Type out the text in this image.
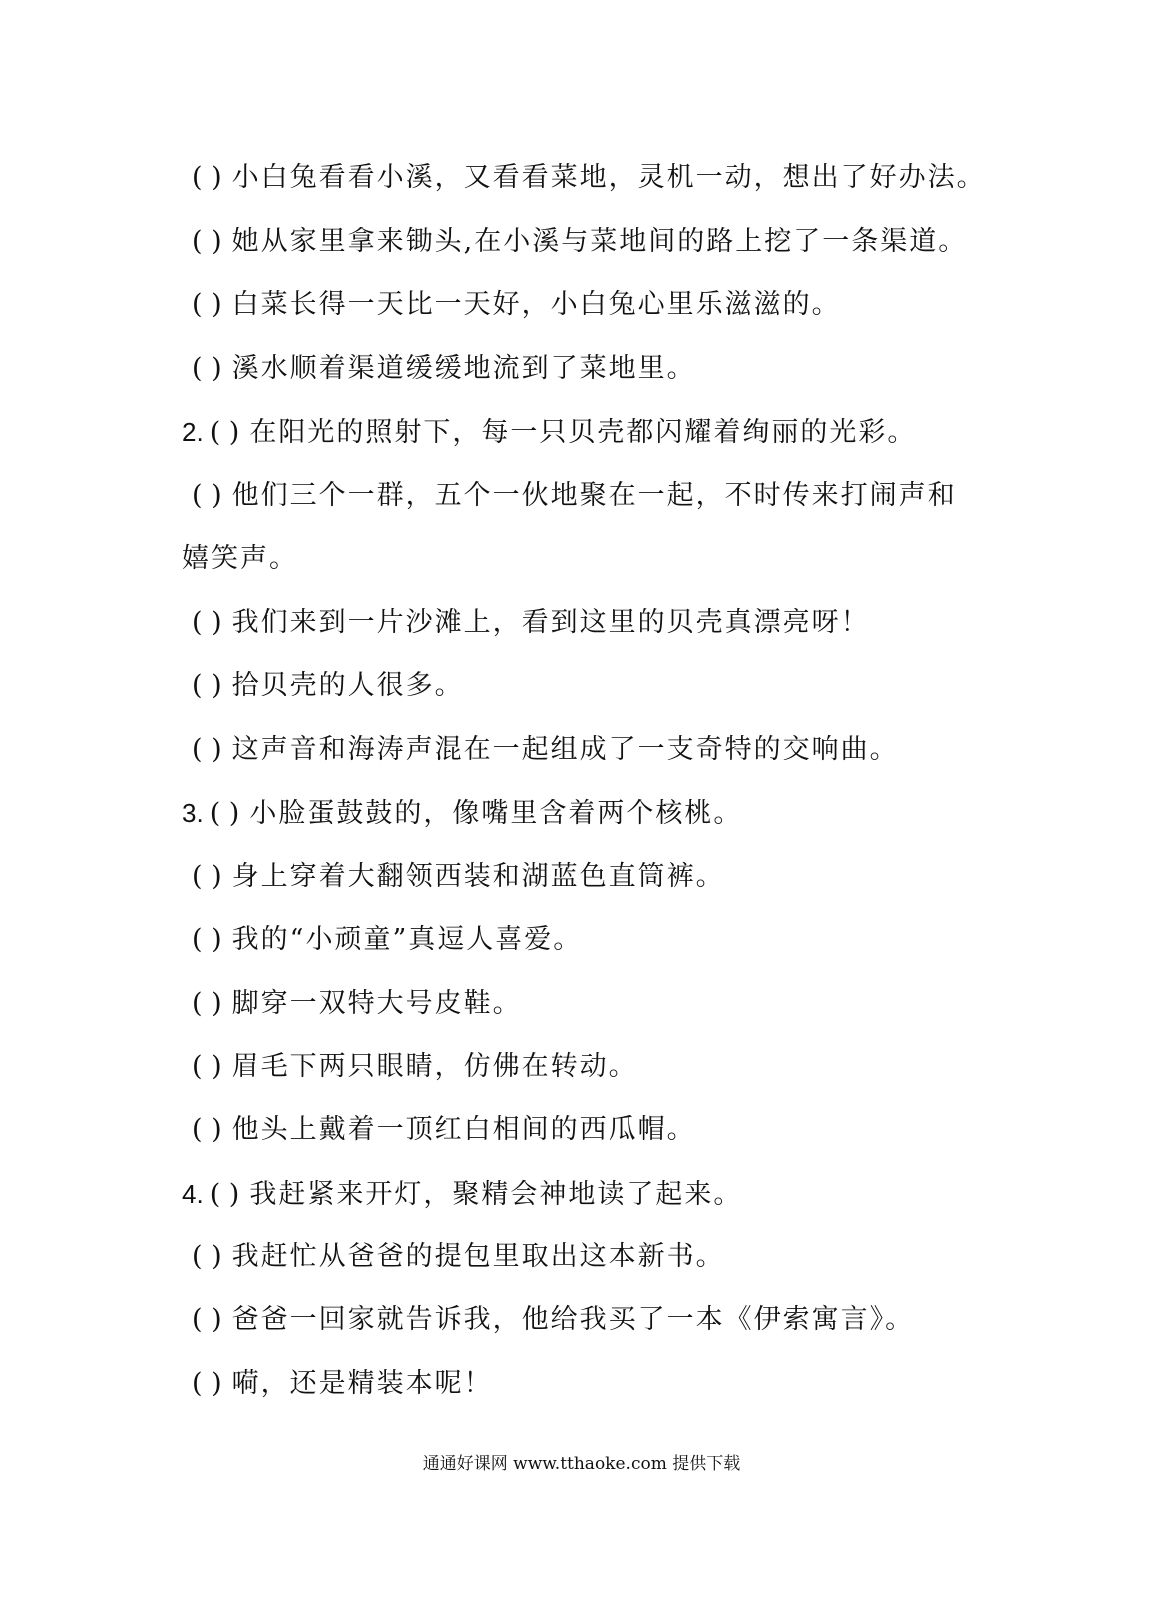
( ) 小白兔看看小溪，又看看菜地，灵机一动，想出了好办法。
( ) 她从家里拿来锄头,在小溪与菜地间的路上挖了一条渠道。
( ) 白菜长得一天比一天好，小白兔心里乐滋滋的。
( ) 溪水顺着渠道缓缓地流到了菜地里。
2. ( ) 在阳光的照射下，每一只贝壳都闪耀着绚丽的光彩。
( ) 他们三个一群，五个一伙地聚在一起，不时传来打闹声和
嬉笑声。
( ) 我们来到一片沙滩上，看到这里的贝壳真漂亮呀！
( ) 拾贝壳的人很多。
( ) 这声音和海涛声混在一起组成了一支奇特的交响曲。
3. ( ) 小脸蛋鼓鼓的，像嘴里含着两个核桃。
( ) 身上穿着大翻领西装和湖蓝色直筒裤。
( ) 我的“小顽童”真逗人喜爱。
( ) 脚穿一双特大号皮鞋。
( ) 眉毛下两只眼睛，仿佛在转动。
( ) 他头上戴着一顶红白相间的西瓜帽。
4. ( ) 我赶紧来开灯，聚精会神地读了起来。
( ) 我赶忙从爸爸的提包里取出这本新书。
( ) 爸爸一回家就告诉我，他给我买了一本《伊索寓言》。
( ) 嗬，还是精装本呢！
通通好课网 www.tthaoke.com 提供下载
